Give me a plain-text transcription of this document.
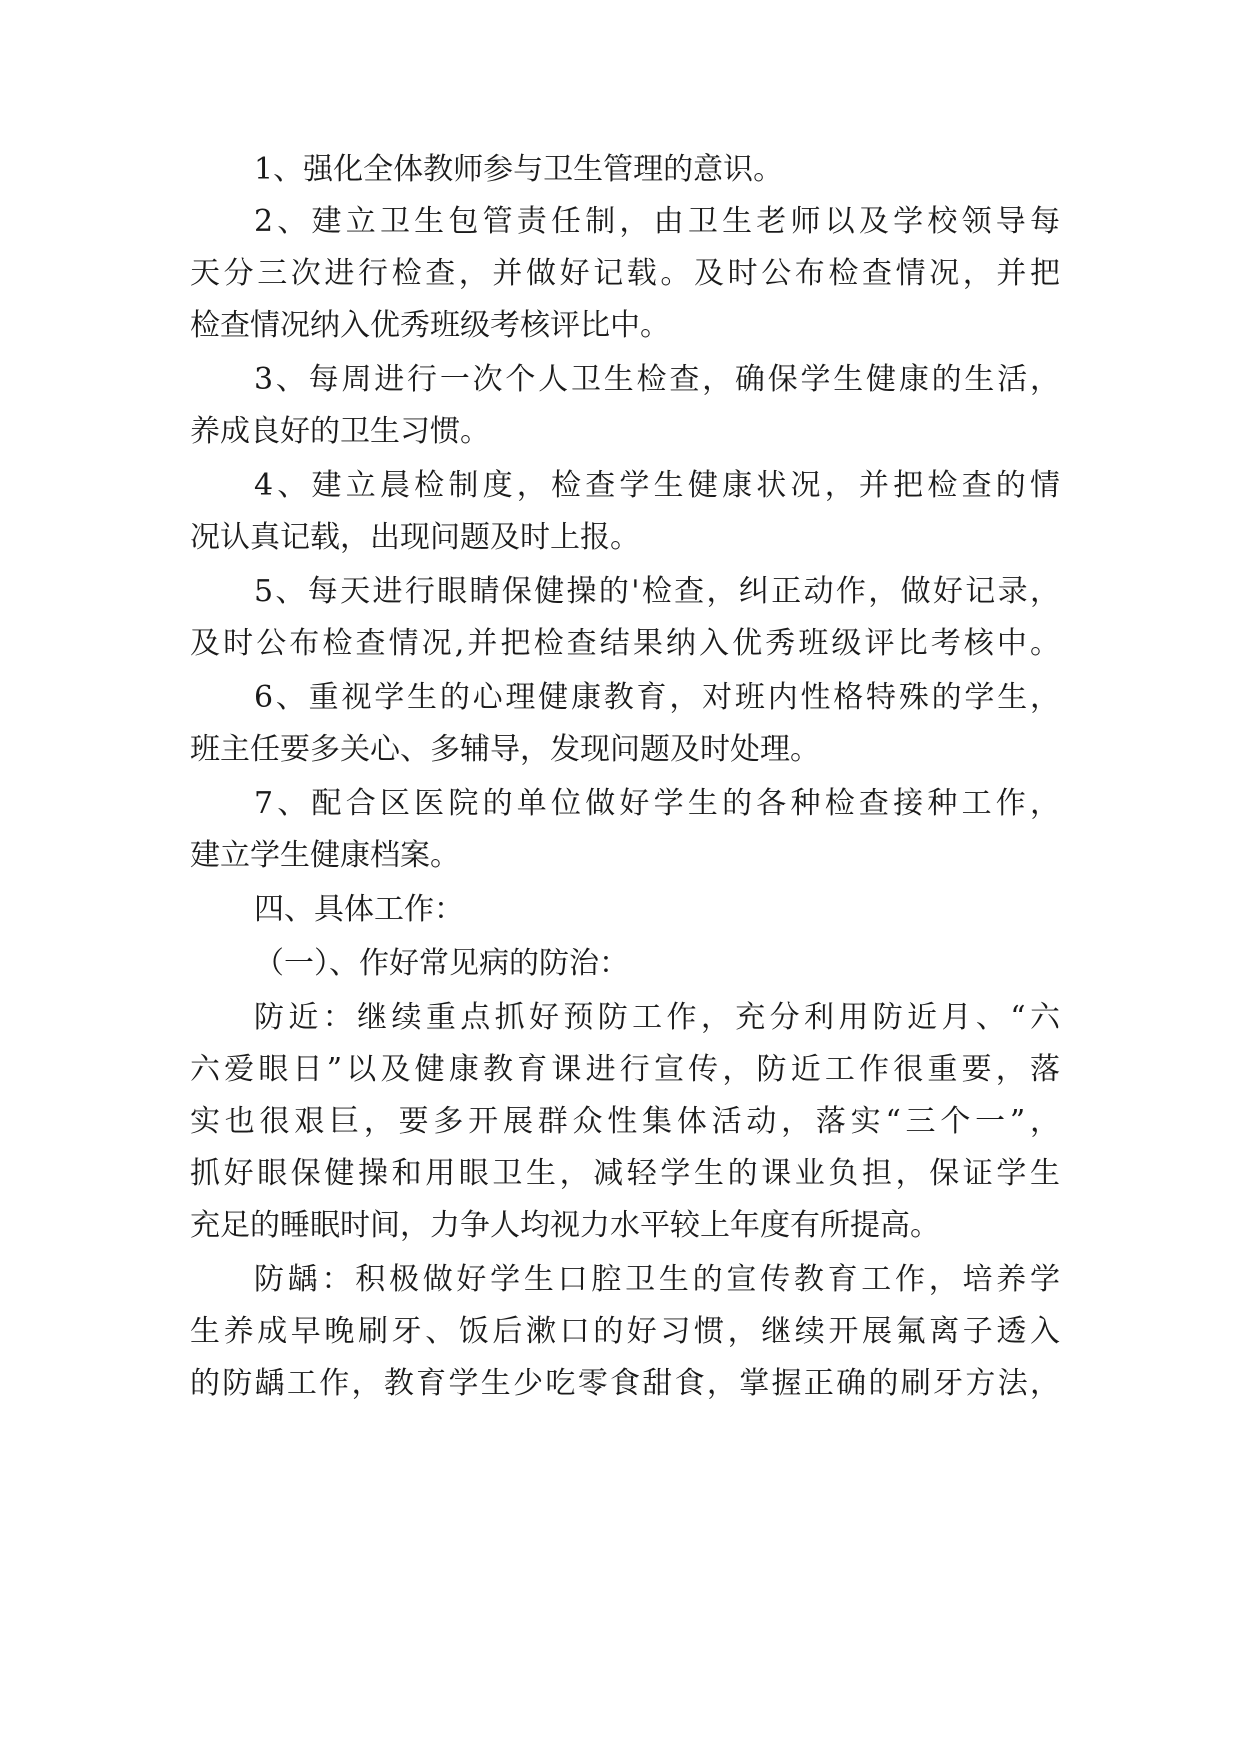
1、强化全体教师参与卫生管理的意识。
2、建立卫生包管责任制，由卫生老师以及学校领导每
天分三次进行检查，并做好记载。及时公布检查情况，并把
检查情况纳入优秀班级考核评比中。
3、每周进行一次个人卫生检查，确保学生健康的生活，
养成良好的卫生习惯。
4、建立晨检制度，检查学生健康状况，并把检查的情
况认真记载，出现问题及时上报。
5、每天进行眼睛保健操的'检查，纠正动作，做好记录，
及时公布检查情况,并把检查结果纳入优秀班级评比考核中。
6、重视学生的心理健康教育，对班内性格特殊的学生，
班主任要多关心、多辅导，发现问题及时处理。
7、配合区医院的单位做好学生的各种检查接种工作，
建立学生健康档案。
四、具体工作：
（一）、作好常见病的防治：
防近：继续重点抓好预防工作，充分利用防近月、“六
六爱眼日”以及健康教育课进行宣传，防近工作很重要，落
实也很艰巨，要多开展群众性集体活动，落实“三个一”，
抓好眼保健操和用眼卫生，减轻学生的课业负担，保证学生
充足的睡眠时间，力争人均视力水平较上年度有所提高。
防龋：积极做好学生口腔卫生的宣传教育工作，培养学
生养成早晚刷牙、饭后漱口的好习惯，继续开展氟离子透入
的防龋工作，教育学生少吃零食甜食，掌握正确的刷牙方法，
